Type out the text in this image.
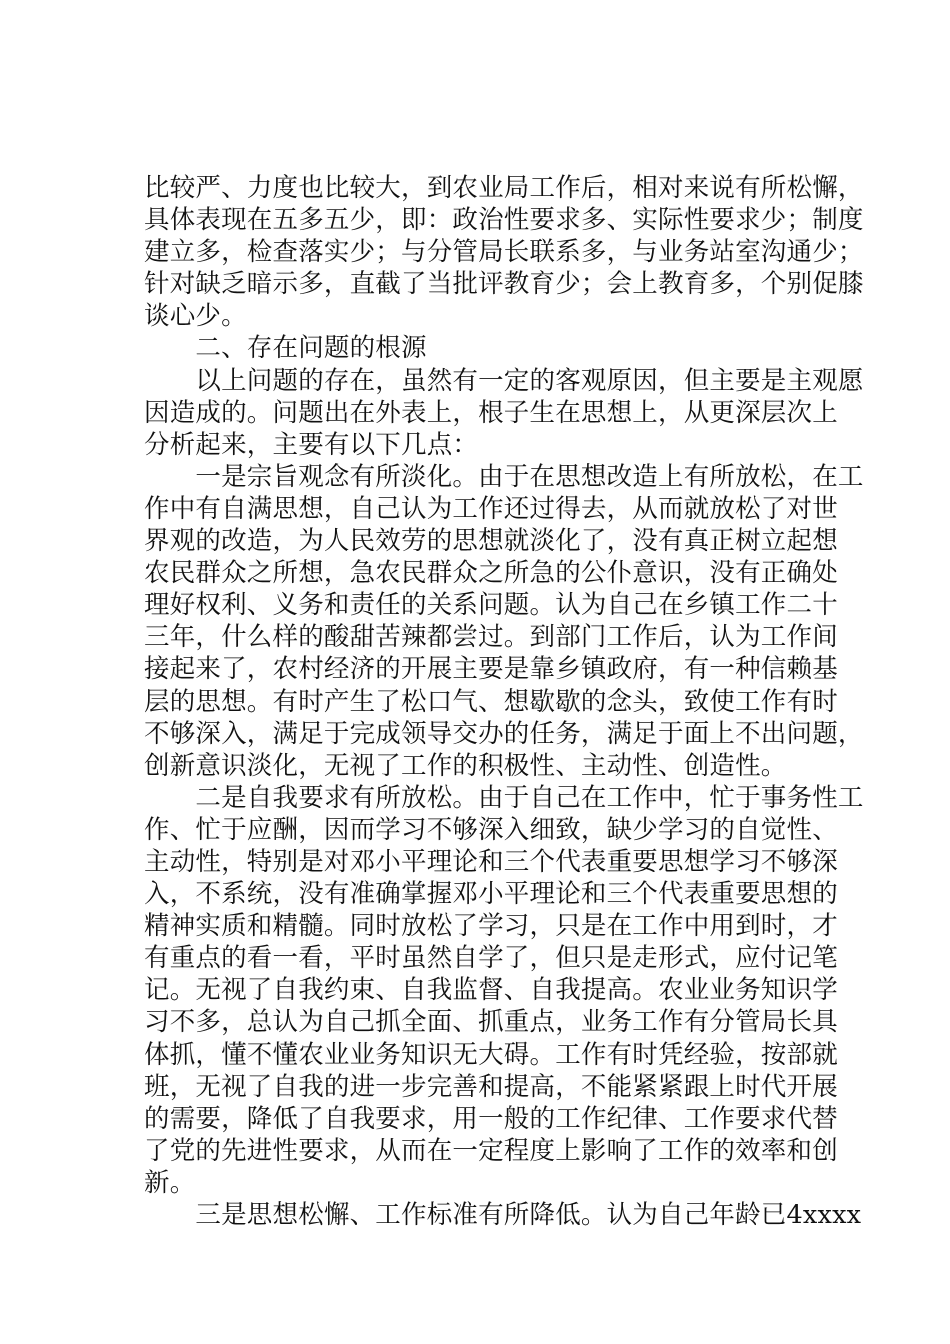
比较严、力度也比较大，到农业局工作后，相对来说有所松懈，
具体表现在五多五少，即：政治性要求多、实际性要求少；制度
建立多，检查落实少；与分管局长联系多，与业务站室沟通少；
针对缺乏暗示多，直截了当批评教育少；会上教育多，个别促膝
谈心少。
　　二、存在问题的根源
　　以上问题的存在，虽然有一定的客观原因，但主要是主观愿
因造成的。问题出在外表上，根子生在思想上，从更深层次上
分析起来，主要有以下几点：
　　一是宗旨观念有所淡化。由于在思想改造上有所放松，在工
作中有自满思想，自己认为工作还过得去，从而就放松了对世
界观的改造，为人民效劳的思想就淡化了，没有真正树立起想
农民群众之所想，急农民群众之所急的公仆意识，没有正确处
理好权利、义务和责任的关系问题。认为自己在乡镇工作二十
三年，什么样的酸甜苦辣都尝过。到部门工作后，认为工作间
接起来了，农村经济的开展主要是靠乡镇政府，有一种信赖基
层的思想。有时产生了松口气、想歇歇的念头，致使工作有时
不够深入，满足于完成领导交办的任务，满足于面上不出问题，
创新意识淡化，无视了工作的积极性、主动性、创造性。
　　二是自我要求有所放松。由于自己在工作中，忙于事务性工
作、忙于应酬，因而学习不够深入细致，缺少学习的自觉性、
主动性，特别是对邓小平理论和三个代表重要思想学习不够深
入，不系统，没有准确掌握邓小平理论和三个代表重要思想的
精神实质和精髓。同时放松了学习，只是在工作中用到时，才
有重点的看一看，平时虽然自学了，但只是走形式，应付记笔
记。无视了自我约束、自我监督、自我提高。农业业务知识学
习不多，总认为自己抓全面、抓重点，业务工作有分管局长具
体抓，懂不懂农业业务知识无大碍。工作有时凭经验，按部就
班，无视了自我的进一步完善和提高，不能紧紧跟上时代开展
的需要，降低了自我要求，用一般的工作纪律、工作要求代替
了党的先进性要求，从而在一定程度上影响了工作的效率和创
新。
　　三是思想松懈、工作标准有所降低。认为自己年龄已4xxxx
